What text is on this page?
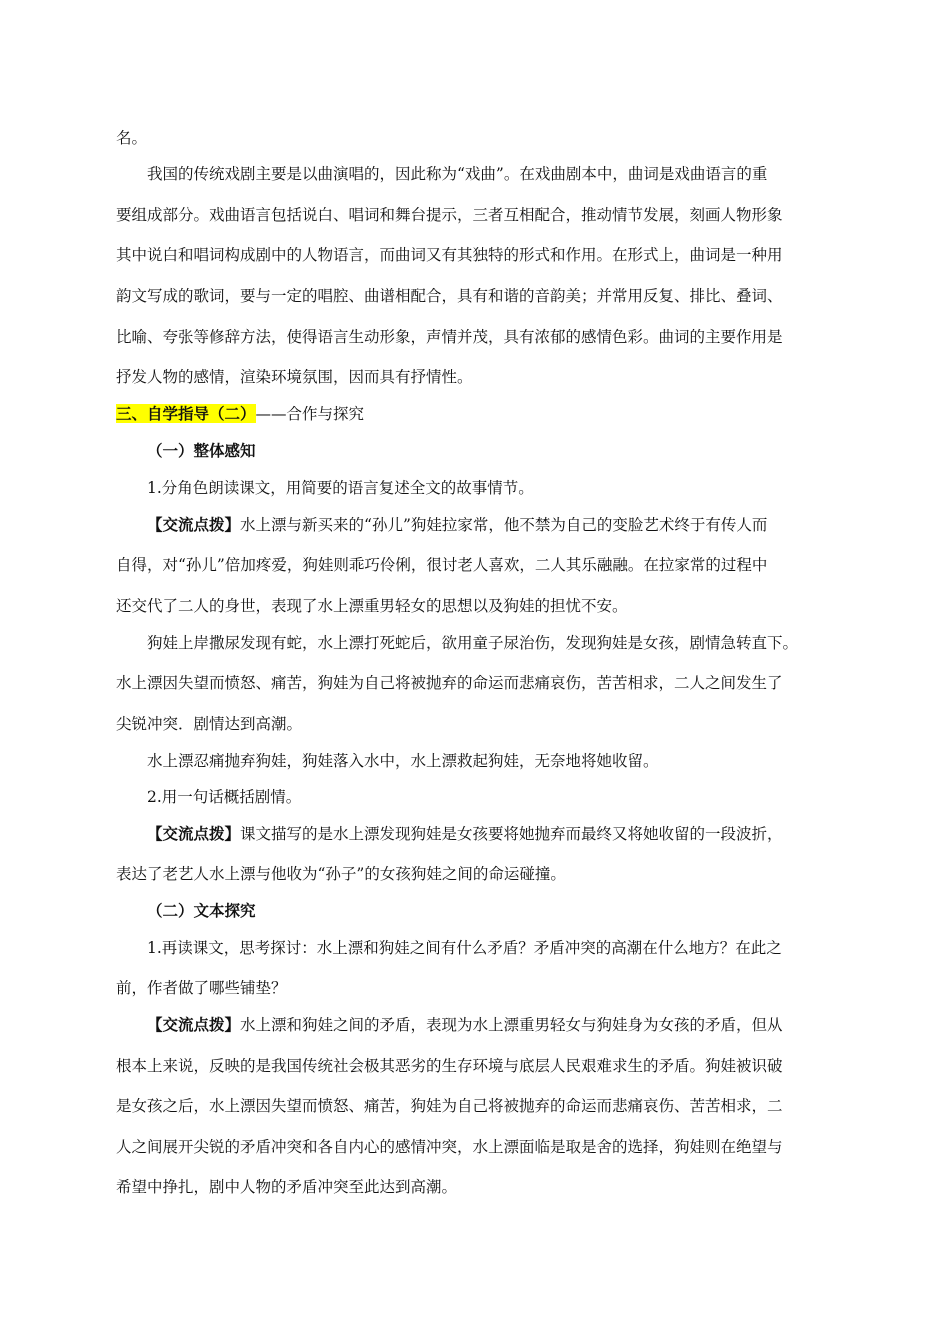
名。
我国的传统戏剧主要是以曲演唱的，因此称为“戏曲”。在戏曲剧本中，曲词是戏曲语言的重
要组成部分。戏曲语言包括说白、唱词和舞台提示，三者互相配合，推动情节发展，刻画人物形象
其中说白和唱词构成剧中的人物语言，而曲词又有其独特的形式和作用。在形式上，曲词是一种用
韵文写成的歌词，要与一定的唱腔、曲谱相配合，具有和谐的音韵美；并常用反复、排比、叠词、
比喻、夸张等修辞方法，使得语言生动形象，声情并茂，具有浓郁的感情色彩。曲词的主要作用是
抒发人物的感情，渲染环境氛围，因而具有抒情性。
三、自学指导（二）——合作与探究
（一）整体感知
1.分角色朗读课文，用简要的语言复述全文的故事情节。
【交流点拨】水上漂与新买来的“孙儿”狗娃拉家常，他不禁为自己的变脸艺术终于有传人而
自得，对“孙儿”倍加疼爱，狗娃则乖巧伶俐，很讨老人喜欢，二人其乐融融。在拉家常的过程中
还交代了二人的身世，表现了水上漂重男轻女的思想以及狗娃的担忧不安。
狗娃上岸撒尿发现有蛇，水上漂打死蛇后，欲用童子尿治伤，发现狗娃是女孩，剧情急转直下。
水上漂因失望而愤怒、痛苦，狗娃为自己将被抛弃的命运而悲痛哀伤，苦苦相求，二人之间发生了
尖锐冲突．剧情达到高潮。
水上漂忍痛抛弃狗娃，狗娃落入水中，水上漂救起狗娃，无奈地将她收留。
2.用一句话概括剧情。
【交流点拨】课文描写的是水上漂发现狗娃是女孩要将她抛弃而最终又将她收留的一段波折，
表达了老艺人水上漂与他收为“孙子”的女孩狗娃之间的命运碰撞。
（二）文本探究
1.再读课文，思考探讨：水上漂和狗娃之间有什么矛盾？矛盾冲突的高潮在什么地方？在此之
前，作者做了哪些铺垫？
【交流点拨】水上漂和狗娃之间的矛盾，表现为水上漂重男轻女与狗娃身为女孩的矛盾，但从
根本上来说，反映的是我国传统社会极其恶劣的生存环境与底层人民艰难求生的矛盾。狗娃被识破
是女孩之后，水上漂因失望而愤怒、痛苦，狗娃为自己将被抛弃的命运而悲痛哀伤、苦苦相求，二
人之间展开尖锐的矛盾冲突和各自内心的感情冲突，水上漂面临是取是舍的选择，狗娃则在绝望与
希望中挣扎，剧中人物的矛盾冲突至此达到高潮。
